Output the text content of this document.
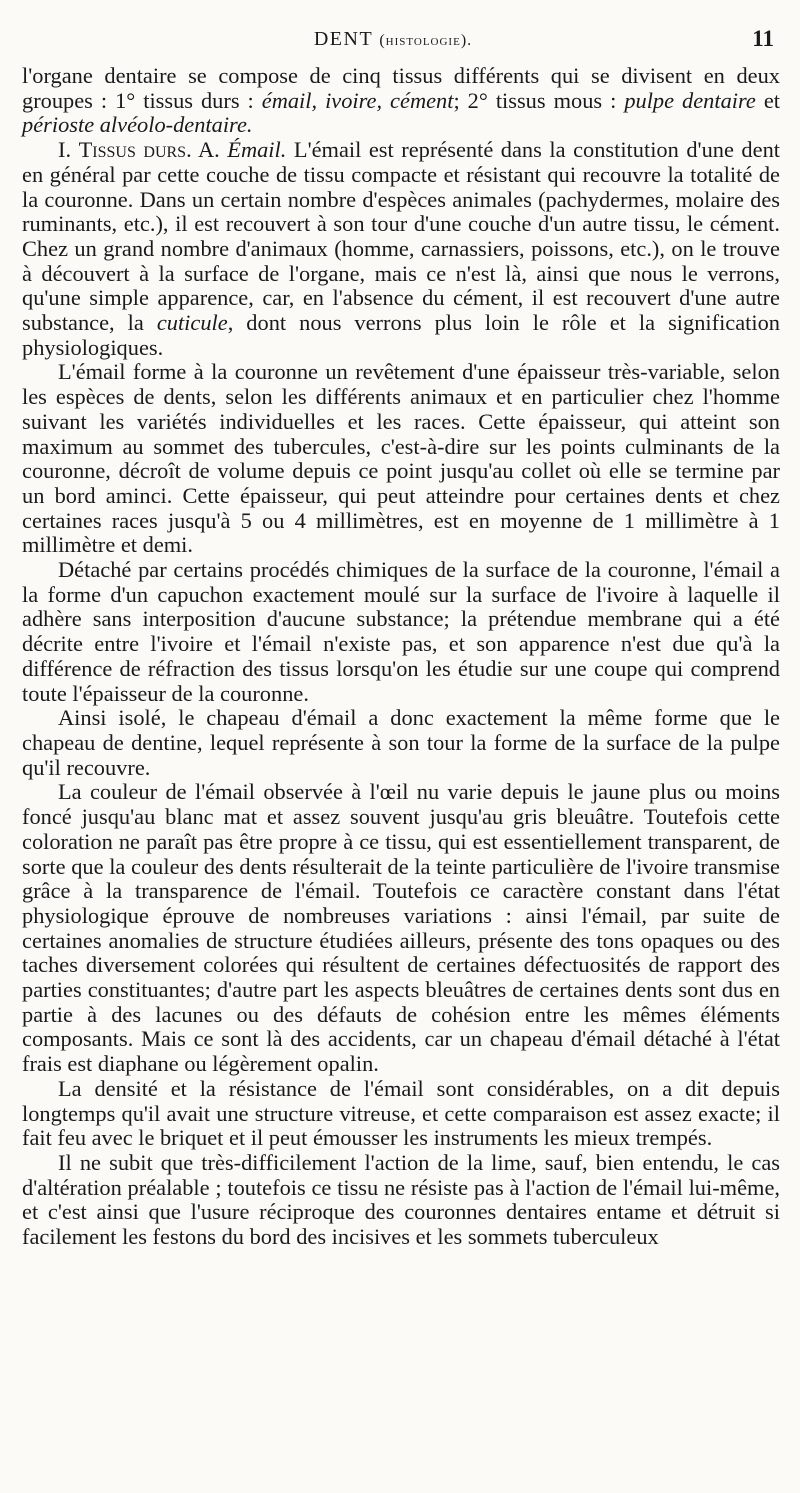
DENT (histologie).	11

l'organe dentaire se compose de cinq tissus différents qui se divisent en deux groupes : 1° tissus durs : émail, ivoire, cément; 2° tissus mous : pulpe dentaire et périoste alvéolo-dentaire.

I. Tissus durs. A. Émail. L'émail est représenté dans la constitution d'une dent en général par cette couche de tissu compacte et résistant qui recouvre la totalité de la couronne. Dans un certain nombre d'espèces animales (pachydermes, molaire des ruminants, etc.), il est recouvert à son tour d'une couche d'un autre tissu, le cément. Chez un grand nombre d'animaux (homme, carnassiers, poissons, etc.), on le trouve à découvert à la surface de l'organe, mais ce n'est là, ainsi que nous le verrons, qu'une simple apparence, car, en l'absence du cément, il est recouvert d'une autre substance, la cuticule, dont nous verrons plus loin le rôle et la signification physiologiques.

L'émail forme à la couronne un revêtement d'une épaisseur très-variable, selon les espèces de dents, selon les différents animaux et en particulier chez l'homme suivant les variétés individuelles et les races. Cette épaisseur, qui atteint son maximum au sommet des tubercules, c'est-à-dire sur les points culminants de la couronne, décroît de volume depuis ce point jusqu'au collet où elle se termine par un bord aminci. Cette épaisseur, qui peut atteindre pour certaines dents et chez certaines races jusqu'à 5 ou 4 millimètres, est en moyenne de 1 millimètre à 1 millimètre et demi.

Détaché par certains procédés chimiques de la surface de la couronne, l'émail a la forme d'un capuchon exactement moulé sur la surface de l'ivoire à laquelle il adhère sans interposition d'aucune substance; la prétendue membrane qui a été décrite entre l'ivoire et l'émail n'existe pas, et son apparence n'est due qu'à la différence de réfraction des tissus lorsqu'on les étudie sur une coupe qui comprend toute l'épaisseur de la couronne.

Ainsi isolé, le chapeau d'émail a donc exactement la même forme que le chapeau de dentine, lequel représente à son tour la forme de la surface de la pulpe qu'il recouvre.

La couleur de l'émail observée à l'œil nu varie depuis le jaune plus ou moins foncé jusqu'au blanc mat et assez souvent jusqu'au gris bleuâtre. Toutefois cette coloration ne paraît pas être propre à ce tissu, qui est essentiellement transparent, de sorte que la couleur des dents résulterait de la teinte particulière de l'ivoire transmise grâce à la transparence de l'émail. Toutefois ce caractère constant dans l'état physiologique éprouve de nombreuses variations : ainsi l'émail, par suite de certaines anomalies de structure étudiées ailleurs, présente des tons opaques ou des taches diversement colorées qui résultent de certaines défectuosités de rapport des parties constituantes; d'autre part les aspects bleuâtres de certaines dents sont dus en partie à des lacunes ou des défauts de cohésion entre les mêmes éléments composants. Mais ce sont là des accidents, car un chapeau d'émail détaché à l'état frais est diaphane ou légèrement opalin.

La densité et la résistance de l'émail sont considérables, on a dit depuis longtemps qu'il avait une structure vitreuse, et cette comparaison est assez exacte; il fait feu avec le briquet et il peut émousser les instruments les mieux trempés.

Il ne subit que très-difficilement l'action de la lime, sauf, bien entendu, le cas d'altération préalable ; toutefois ce tissu ne résiste pas à l'action de l'émail lui-même, et c'est ainsi que l'usure réciproque des couronnes dentaires entame et détruit si facilement les festons du bord des incisives et les sommets tuberculeux
